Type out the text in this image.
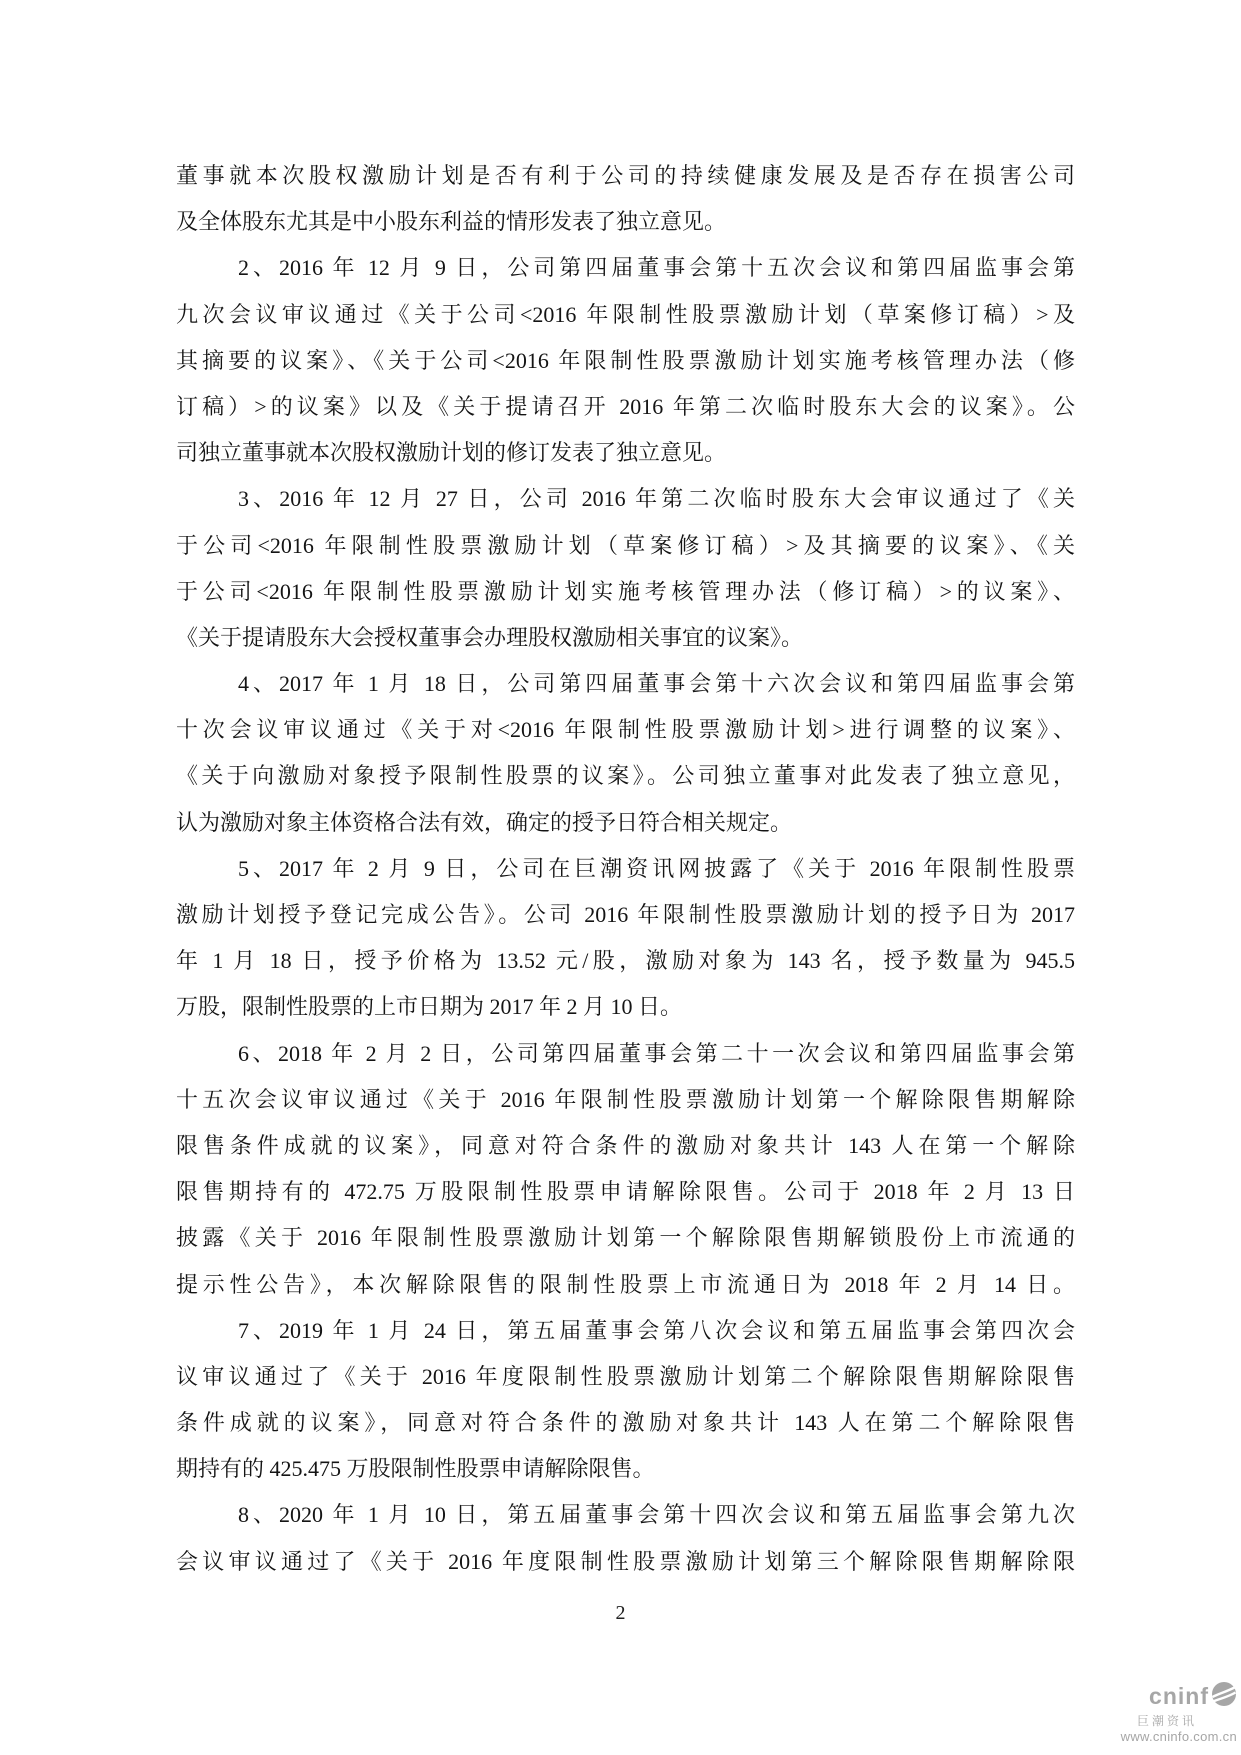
董事就本次股权激励计划是否有利于公司的持续健康发展及是否存在损害公司
及全体股东尤其是中小股东利益的情形发表了独立意见。
2、2016 年 12 月 9 日，公司第四届董事会第十五次会议和第四届监事会第
九次会议审议通过《关于公司<2016 年限制性股票激励计划（草案修订稿）>及
其摘要的议案》、《关于公司<2016 年限制性股票激励计划实施考核管理办法（修
订稿）>的议案》以及《关于提请召开 2016 年第二次临时股东大会的议案》。公
司独立董事就本次股权激励计划的修订发表了独立意见。
3、2016 年 12 月 27 日，公司 2016 年第二次临时股东大会审议通过了《关
于公司<2016 年限制性股票激励计划（草案修订稿）>及其摘要的议案》、《关
于公司<2016 年限制性股票激励计划实施考核管理办法（修订稿）>的议案》、
《关于提请股东大会授权董事会办理股权激励相关事宜的议案》。
4、2017 年 1 月 18 日，公司第四届董事会第十六次会议和第四届监事会第
十次会议审议通过《关于对<2016 年限制性股票激励计划>进行调整的议案》、
《关于向激励对象授予限制性股票的议案》。公司独立董事对此发表了独立意见，
认为激励对象主体资格合法有效，确定的授予日符合相关规定。
5、2017 年 2 月 9 日，公司在巨潮资讯网披露了《关于 2016 年限制性股票
激励计划授予登记完成公告》。公司 2016 年限制性股票激励计划的授予日为 2017
年 1 月 18 日，授予价格为 13.52 元/股，激励对象为 143 名，授予数量为 945.5
万股，限制性股票的上市日期为 2017 年 2 月 10 日。
6、2018 年 2 月 2 日，公司第四届董事会第二十一次会议和第四届监事会第
十五次会议审议通过《关于 2016 年限制性股票激励计划第一个解除限售期解除
限售条件成就的议案》，同意对符合条件的激励对象共计 143 人在第一个解除
限售期持有的 472.75 万股限制性股票申请解除限售。公司于 2018 年 2 月 13 日
披露《关于 2016 年限制性股票激励计划第一个解除限售期解锁股份上市流通的
提示性公告》，本次解除限售的限制性股票上市流通日为 2018 年 2 月 14 日。
7、2019 年 1 月 24 日，第五届董事会第八次会议和第五届监事会第四次会
议审议通过了《关于 2016 年度限制性股票激励计划第二个解除限售期解除限售
条件成就的议案》，同意对符合条件的激励对象共计 143 人在第二个解除限售
期持有的 425.475 万股限制性股票申请解除限售。
8、2020 年 1 月 10 日，第五届董事会第十四次会议和第五届监事会第九次
会议审议通过了《关于 2016 年度限制性股票激励计划第三个解除限售期解除限
2
cninf
巨潮资讯
www.cninfo.com.cn
